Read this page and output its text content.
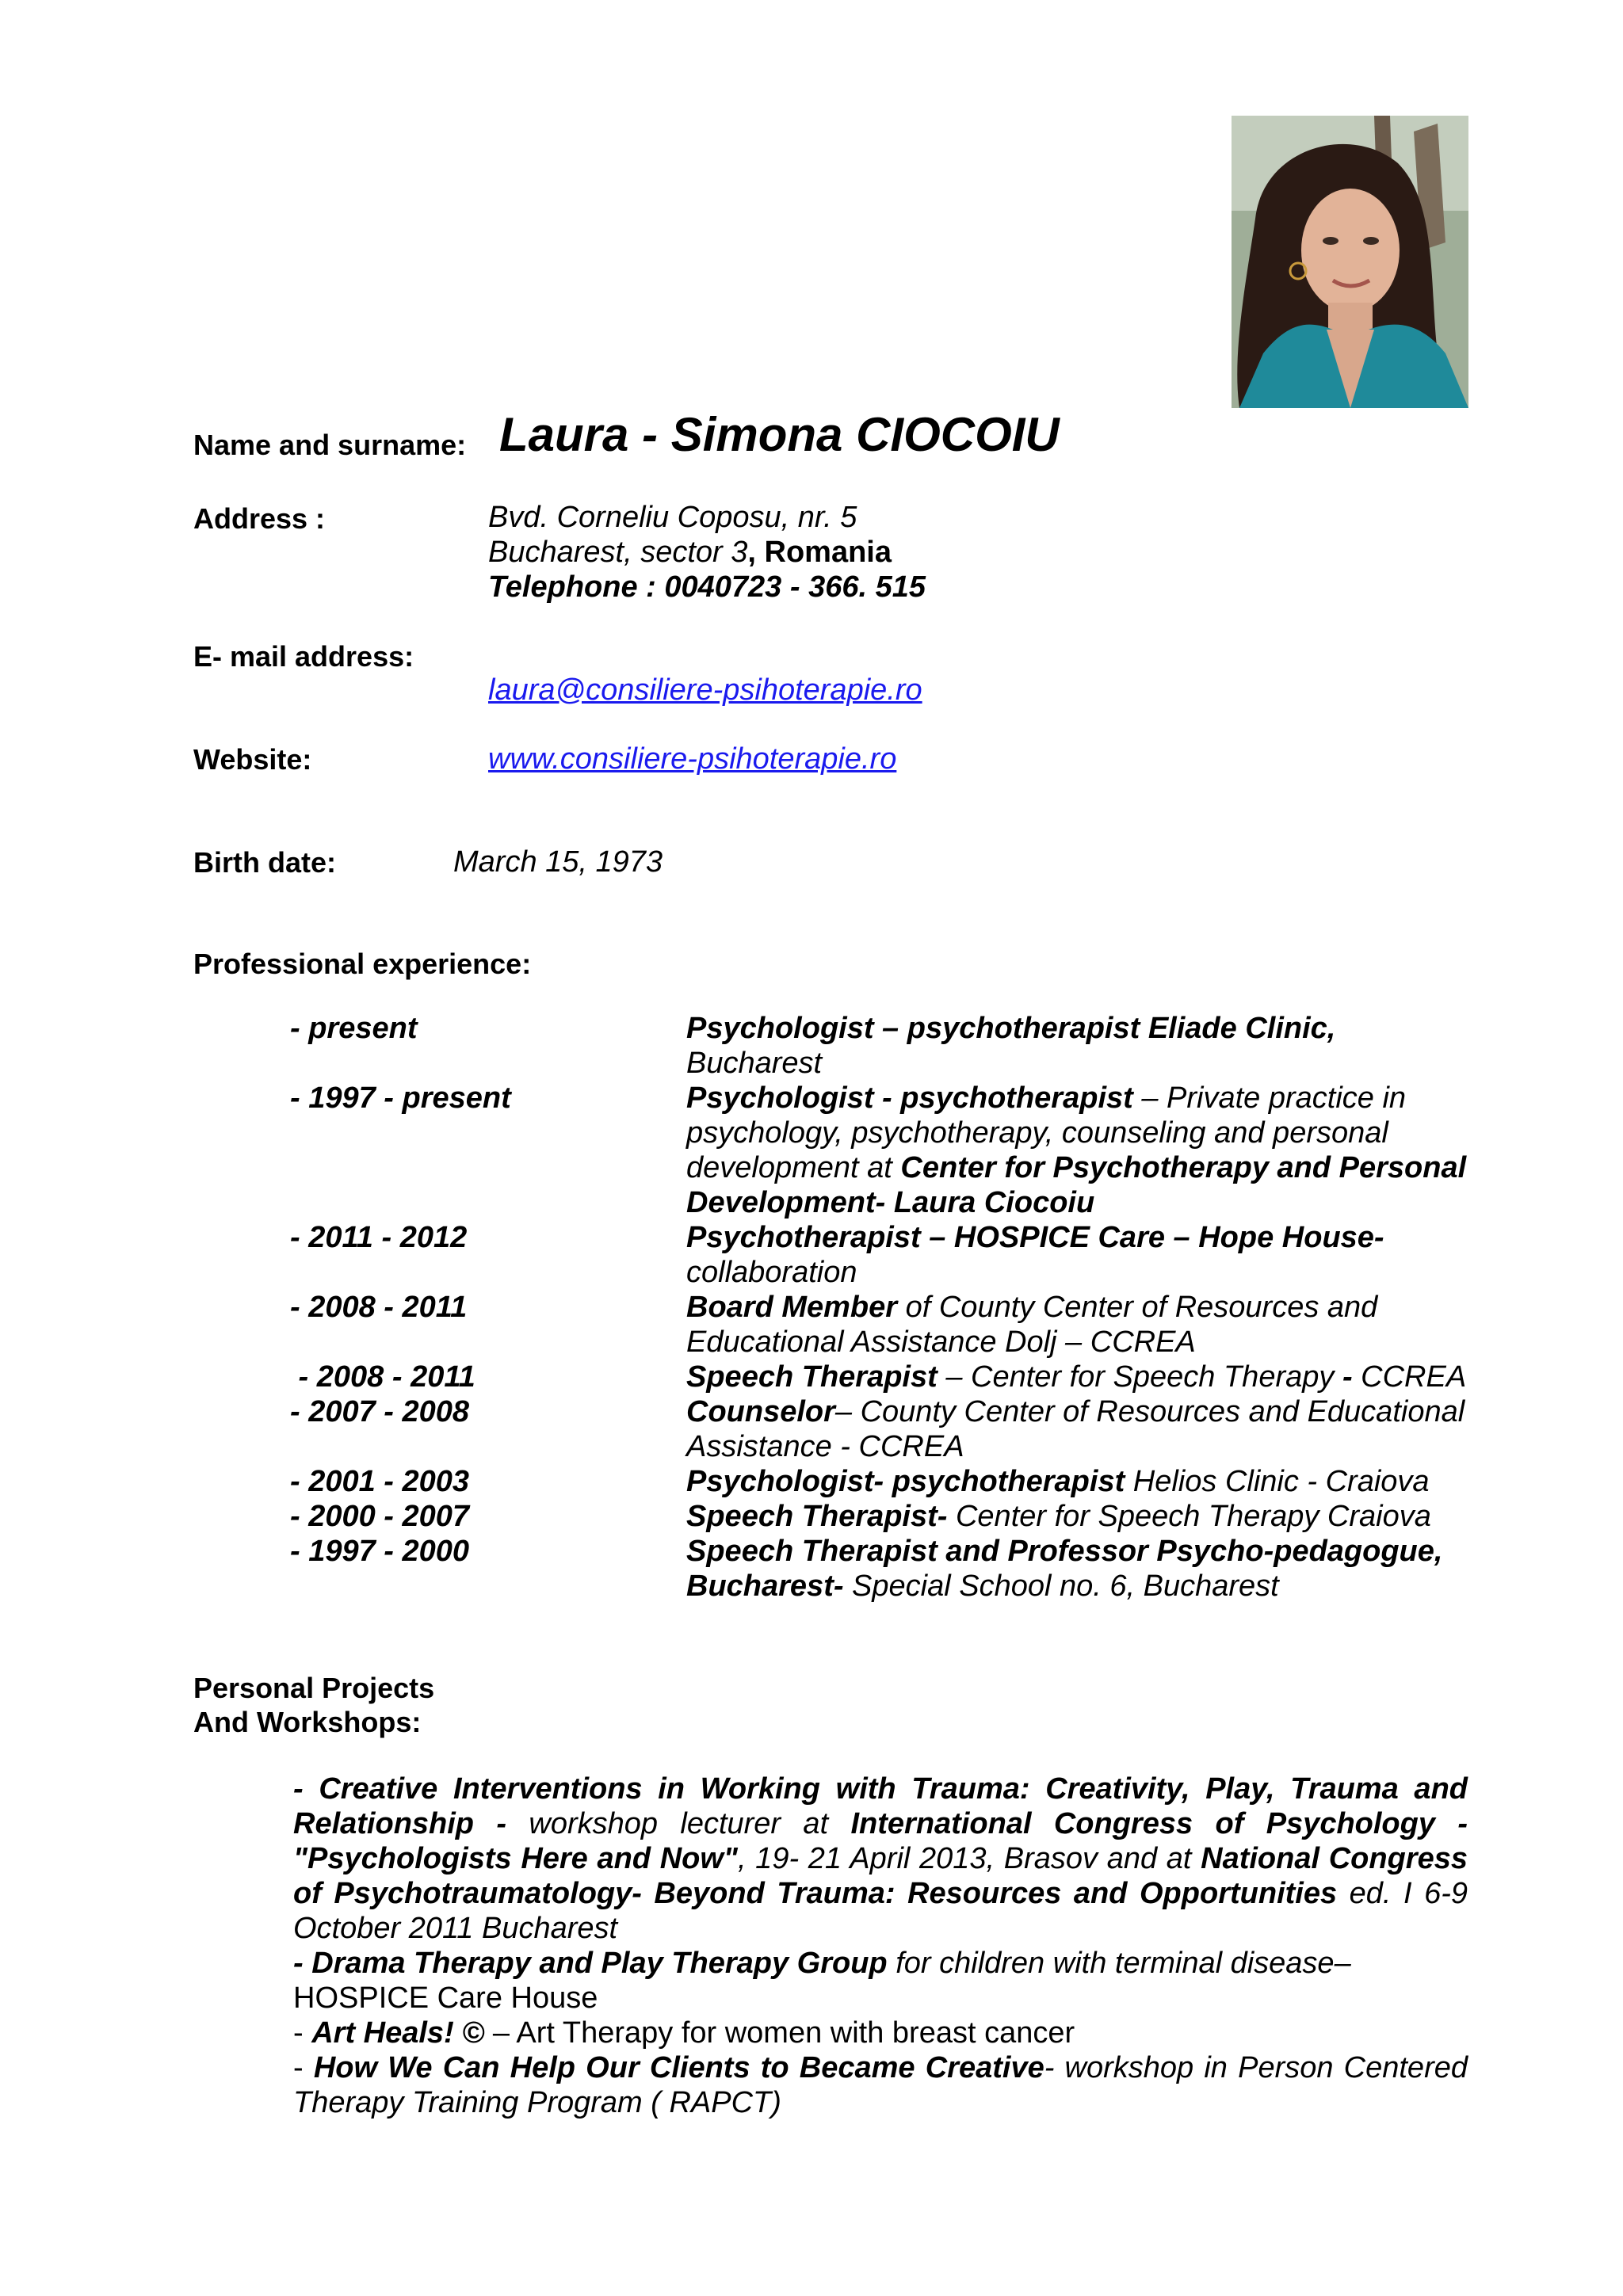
Name and surname: Laura - Simona CIOCOIU
Address :	Bvd. Corneliu Coposu, nr. 5
Bucharest, sector 3, Romania
Telephone : 0040723 - 366. 515
E- mail address:
laura@consiliere-psihoterapie.ro
Website:	www.consiliere-psihoterapie.ro
Birth date:	March 15, 1973
Professional experience:
- present	Psychologist – psychotherapist Eliade Clinic, Bucharest
- 1997 - present	Psychologist - psychotherapist – Private practice in psychology, psychotherapy, counseling and personal development at Center for Psychotherapy and Personal Development- Laura Ciocoiu
- 2011 - 2012	Psychotherapist – HOSPICE Care – Hope House- collaboration
- 2008 - 2011	Board Member of County Center of Resources and Educational Assistance Dolj – CCREA
- 2008 - 2011	Speech Therapist – Center for Speech Therapy - CCREA
- 2007 - 2008	Counselor– County Center of Resources and Educational Assistance - CCREA
- 2001 - 2003	Psychologist- psychotherapist Helios Clinic - Craiova
- 2000 - 2007	Speech Therapist- Center for Speech Therapy Craiova
- 1997 - 2000	Speech Therapist and Professor Psycho-pedagogue, Bucharest- Special School no. 6, Bucharest
Personal Projects
And Workshops:
- Creative Interventions in Working with Trauma: Creativity, Play, Trauma and Relationship - workshop lecturer at International Congress of Psychology - "Psychologists Here and Now", 19- 21 April 2013, Brasov and at National Congress of Psychotraumatology- Beyond Trauma: Resources and Opportunities ed. I 6-9 October 2011 Bucharest
- Drama Therapy and Play Therapy Group for children with terminal disease–
HOSPICE Care House
- Art Heals! © – Art Therapy for women with breast cancer
- How We Can Help Our Clients to Became Creative- workshop in Person Centered Therapy Training Program ( RAPCT)
